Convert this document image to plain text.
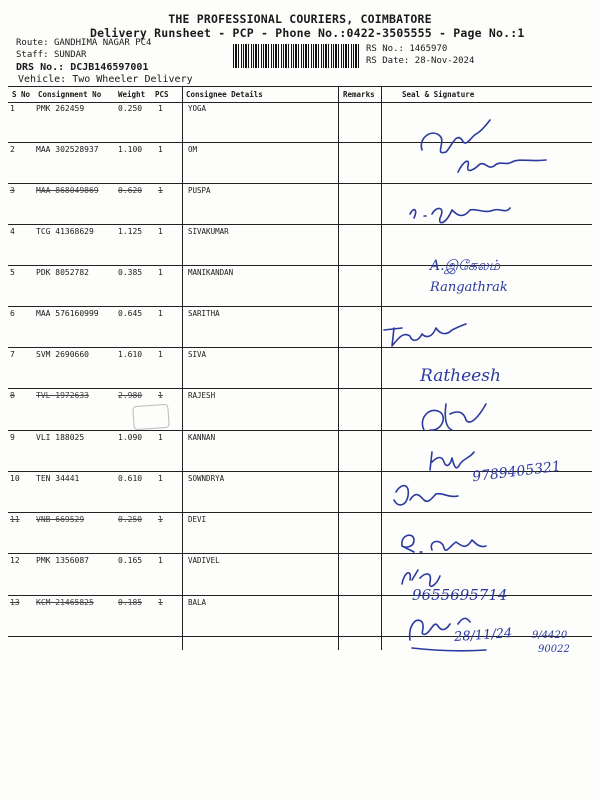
THE PROFESSIONAL COURIERS, COIMBATORE
Delivery Runsheet - PCP - Phone No.:0422-3505555 - Page No.:1
Route: GANDHIMA NAGAR PC4
Staff: SUNDAR
DRS No.: DCJB146597001
Vehicle: Two Wheeler Delivery
RS No.: 1465970
RS Date: 28-Nov-2024
S No Consignment No Weight PCS Consignee Details	Remarks	Seal & Signature
1	PMK 262459	0.250 1	YOGA
2	MAA 302528937 1.100 1	OM
3	MAA 868049869 0.620 1	PUSPA
4	TCG 41368629	1.125 1	SIVAKUMAR
5	PDK 8052782	0.385 1	MANIKANDAN
6	MAA 576160999 0.645 1	SARITHA
7	SVM 2690660	1.610 1	SIVA
8	TVL 1972633	2.980 1	RAJESH
9	VLI 188025	1.090 1	KANNAN
10 TEN 34441	0.610 1	SOWNDRYA
11 VNB 669529	0.250 1	DEVI
12 PMK 1356087	0.165 1	VADIVEL
13 KCM 21465825	0.185 1	BALA
A.இகேலம்
Rangathrak
Ratheesh
9789405321
9655695714
28/11/24 9/4420
90022
